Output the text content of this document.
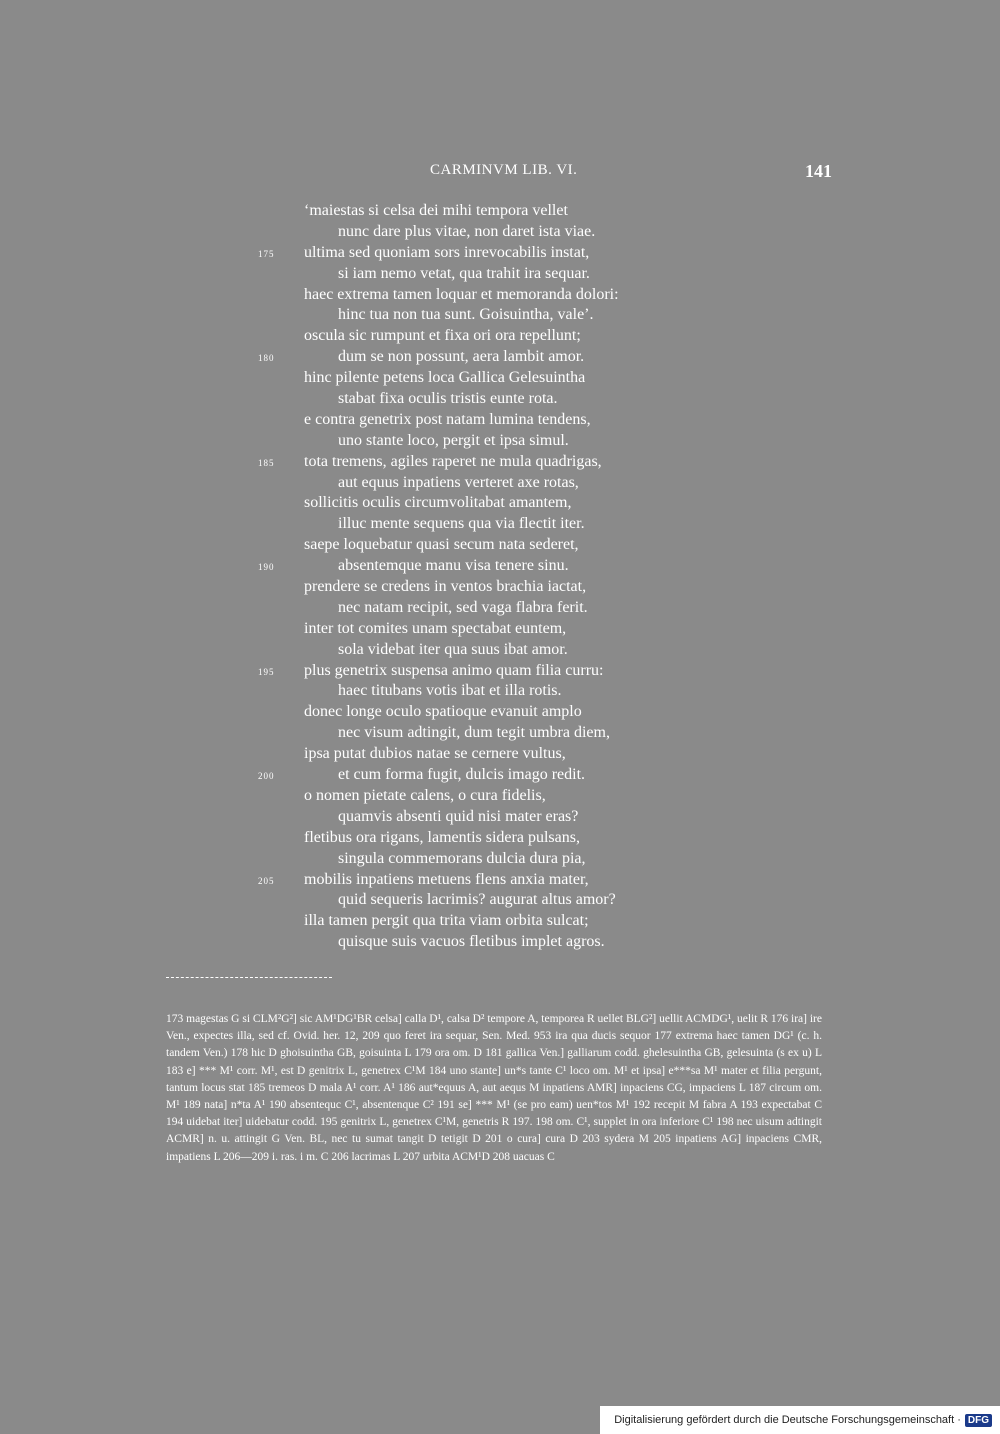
CARMINVM LIB. VI.	141
‘maiestas si celsa dei mihi tempora vellet
nunc dare plus vitae, non daret ista viae.
175	ultima sed quoniam sors inrevocabilis instat,
si iam nemo vetat, qua trahit ira sequar.
haec extrema tamen loquar et memoranda dolori:
hinc tua non tua sunt. Goisuintha, vale’.
oscula sic rumpunt et fixa ori ora repellunt;
180	dum se non possunt, aera lambit amor.
hinc pilente petens loca Gallica Gelesuintha
stabat fixa oculis tristis eunte rota.
e contra genetrix post natam lumina tendens,
uno stante loco, pergit et ipsa simul.
185	tota tremens, agiles raperet ne mula quadrigas,
aut equus inpatiens verteret axe rotas,
sollicitis oculis circumvolitabat amantem,
illuc mente sequens qua via flectit iter.
saepe loquebatur quasi secum nata sederet,
190	absentemque manu visa tenere sinu.
prendere se credens in ventos brachia iactat,
nec natam recipit, sed vaga flabra ferit.
inter tot comites unam spectabat euntem,
sola videbat iter qua suus ibat amor.
195	plus genetrix suspensa animo quam filia curru:
haec titubans votis ibat et illa rotis.
donec longe oculo spatioque evanuit amplo
nec visum adtingit, dum tegit umbra diem,
ipsa putat dubios natae se cernere vultus,
200	et cum forma fugit, dulcis imago redit.
o nomen pietate calens, o cura fidelis,
quamvis absenti quid nisi mater eras?
fletibus ora rigans, lamentis sidera pulsans,
singula commemorans dulcia dura pia,
205	mobilis inpatiens metuens flens anxia mater,
quid sequeris lacrimis? augurat altus amor?
illa tamen pergit qua trita viam orbita sulcat;
quisque suis vacuos fletibus implet agros.

173 magestas G si CLM²G²] sic AM¹DG¹BR celsa] calla D¹, calsa D² tempore A, temporea R uellet BLG²] uellit ACMDG¹, uelit R 176 ira] ire Ven., expectes illa, sed cf. Ovid. her. 12, 209 quo feret ira sequar, Sen. Med. 953 ira qua ducis sequor 177 extrema haec tamen DG¹ (c. h. tandem Ven.) 178 hic D ghoisuintha GB, goisuinta L 179 ora om. D 181 gallica Ven.] galliarum codd. ghelesuintha GB, gelesuinta (s ex u) L 183 e] *** M¹ corr. M¹, est D genitrix L, genetrex C¹M 184 uno stante] un*s tante C¹ loco om. M¹ et ipsa] e***sa M¹ mater et filia pergunt, tantum locus stat 185 tremeos D mala A¹ corr. A¹ 186 aut*equus A, aut aequs M inpatiens AMR] inpaciens CG, impaciens L 187 circum om. M¹ 189 nata] n*ta A¹ 190 absentequc C¹, absentenque C² 191 se] *** M¹ (se pro eam) uen*tos M¹ 192 recepit M fabra A 193 expectabat C 194 uidebat iter] uidebatur codd. 195 genitrix L, genetrex C¹M, genetris R 197. 198 om. C¹, supplet in ora inferiore C¹ 198 nec uisum adtingit ACMR] n. u. attingit G Ven. BL, nec tu sumat tangit D tetigit D 201 o cura] cura D 203 sydera M 205 inpatiens AG] inpaciens CMR, impatiens L 206—209 i. ras. i m. C 206 lacrimas L 207 urbita ACM¹D 208 uacuas C

Digitalisierung gefördert durch die Deutsche Forschungsgemeinschaft · DFG
